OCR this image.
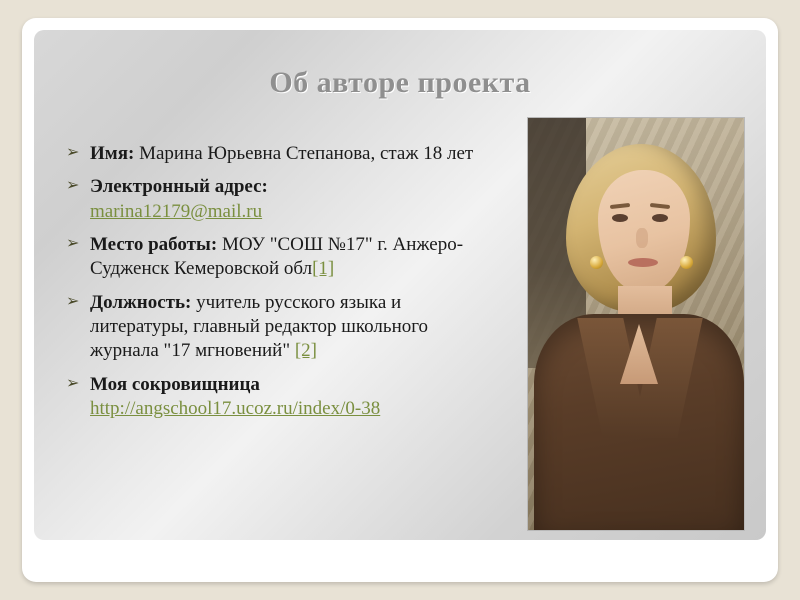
Об авторе проекта
➢ Имя: Марина Юрьевна Степанова, стаж 18 лет
➢ Электронный адрес:
marina12179@mail.ru
➢ Место работы: МОУ "СОШ №17" г. Анжеро-Судженск Кемеровской обл[1]
➢ Должность: учитель русского языка и литературы, главный редактор школьного журнала "17 мгновений" [2]
➢ Моя сокровищница
http://angschool17.ucoz.ru/index/0-38
